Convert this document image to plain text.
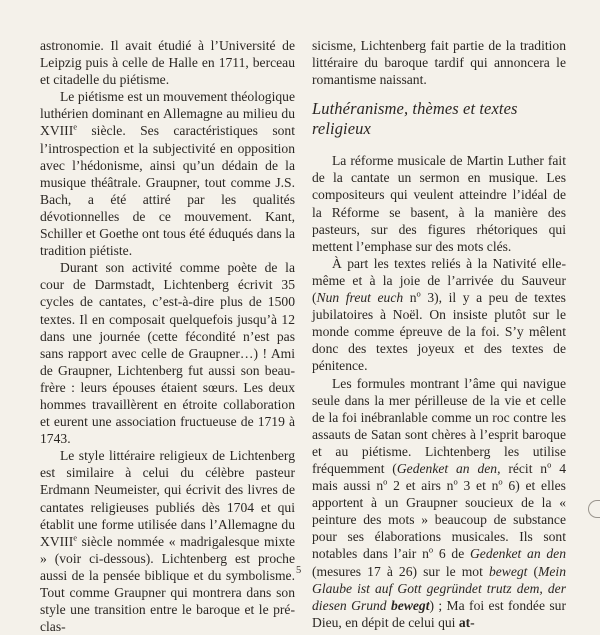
astronomie. Il avait étudié à l’Université de Leipzig puis à celle de Halle en 1711, berceau et citadelle du piétisme.

Le piétisme est un mouvement théologique luthérien dominant en Allemagne au milieu du XVIIIe siècle. Ses caractéristiques sont l’introspection et la subjectivité en opposition avec l’hédonisme, ainsi qu’un dédain de la musique théâtrale. Graupner, tout comme J.S. Bach, a été attiré par les qualités dévotionnelles de ce mouvement. Kant, Schiller et Goethe ont tous été éduqués dans la tradition piétiste.

Durant son activité comme poète de la cour de Darmstadt, Lichtenberg écrivit 35 cycles de cantates, c’est-à-dire plus de 1500 textes. Il en composait quelquefois jusqu’à 12 dans une journée (cette fécondité n’est pas sans rapport avec celle de Graupner…) ! Ami de Graupner, Lichtenberg fut aussi son beau-frère : leurs épouses étaient sœurs. Les deux hommes travaillèrent en étroite collaboration et eurent une association fructueuse de 1719 à 1743.

Le style littéraire religieux de Lichtenberg est similaire à celui du célèbre pasteur Erdmann Neumeister, qui écrivit des livres de cantates religieuses publiés dès 1704 et qui établit une forme utilisée dans l’Allemagne du XVIIIe siècle nommée « madrigalesque mixte » (voir ci-dessous). Lichtenberg est proche aussi de la pensée biblique et du symbolisme. Tout comme Graupner qui montrera dans son style une transition entre le baroque et le pré-clas-

sicisme, Lichtenberg fait partie de la tradition littéraire du baroque tardif qui annoncera le romantisme naissant.

Luthéranisme, thèmes et textes religieux

La réforme musicale de Martin Luther fait de la cantate un sermon en musique. Les compositeurs qui veulent atteindre l’idéal de la Réforme se basent, à la manière des pasteurs, sur des figures rhétoriques qui mettent l’emphase sur des mots clés.

À part les textes reliés à la Nativité elle-même et à la joie de l’arrivée du Sauveur (Nun freut euch $n^o$ 3), il y a peu de textes jubilatoires à Noël. On insiste plutôt sur le monde comme épreuve de la foi. S’y mêlent donc des textes joyeux et des textes de pénitence.

Les formules montrant l’âme qui navigue seule dans la mer périlleuse de la vie et celle de la foi inébranlable comme un roc contre les assauts de Satan sont chères à l’esprit baroque et au piétisme. Lichtenberg les utilise fréquemment (Gedenket an den, récit $n^o$ 4 mais aussi $n^o$ 2 et airs $n^o$ 3 et $n^o$ 6) et elles apportent à un Graupner soucieux de la « peinture des mots » beaucoup de substance pour ses élaborations musicales. Ils sont notables dans l’air $n^o$ 6 de Gedenket an den (mesures 17 à 26) sur le mot bewegt (Mein Glaube ist auf Gott gegründet trutz dem, der diesen Grund bewegt) ; Ma foi est fondée sur Dieu, en dépit de celui qui at-

5
